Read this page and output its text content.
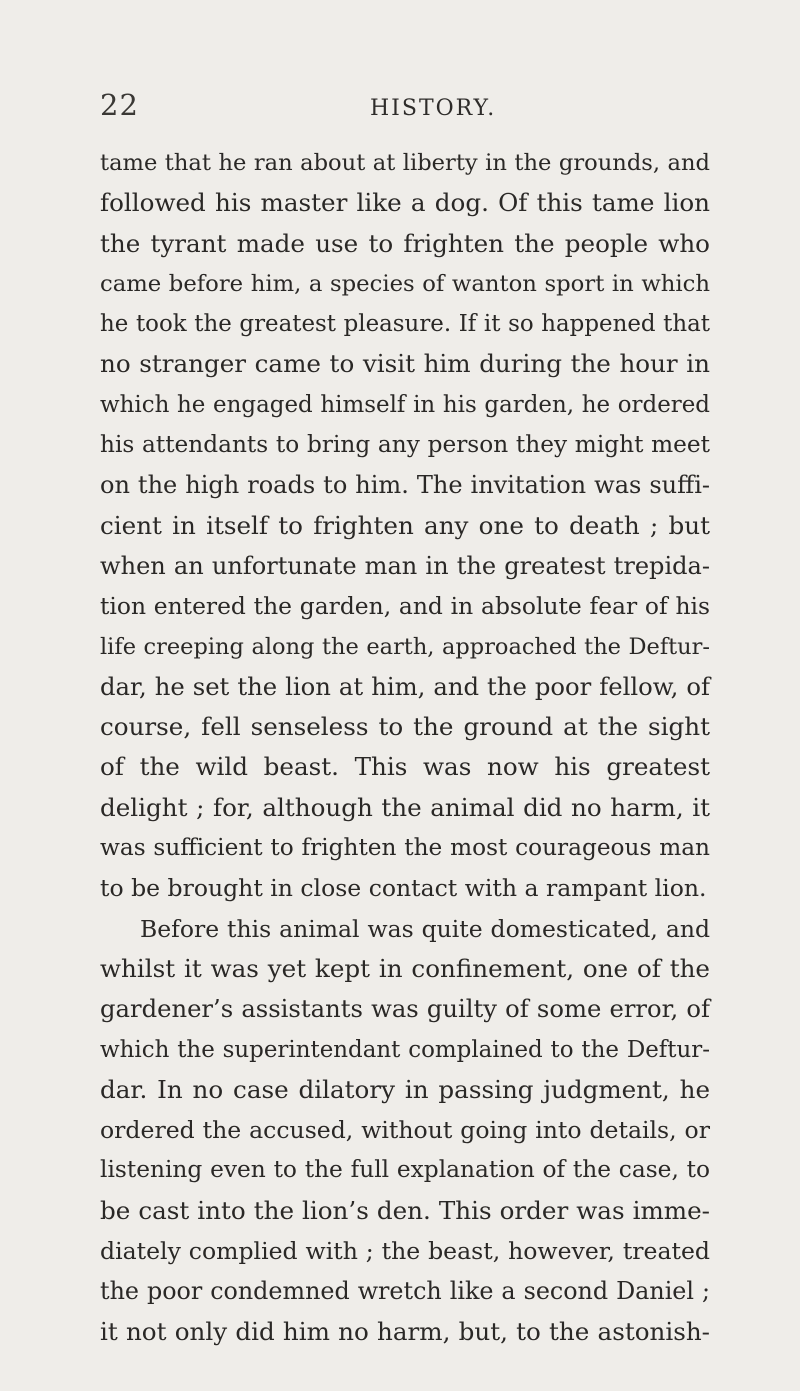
22	HISTORY.
tame that he ran about at liberty in the grounds, and
followed his master like a dog. Of this tame lion
the tyrant made use to frighten the people who
came before him, a species of wanton sport in which
he took the greatest pleasure. If it so happened that
no stranger came to visit him during the hour in
which he engaged himself in his garden, he ordered
his attendants to bring any person they might meet
on the high roads to him. The invitation was suffi-
cient in itself to frighten any one to death ; but
when an unfortunate man in the greatest trepida-
tion entered the garden, and in absolute fear of his
life creeping along the earth, approached the Deftur-
dar, he set the lion at him, and the poor fellow, of
course, fell senseless to the ground at the sight
of the wild beast. This was now his greatest
delight ; for, although the animal did no harm, it
was sufficient to frighten the most courageous man
to be brought in close contact with a rampant lion.
Before this animal was quite domesticated, and
whilst it was yet kept in confinement, one of the
gardener’s assistants was guilty of some error, of
which the superintendant complained to the Deftur-
dar. In no case dilatory in passing judgment, he
ordered the accused, without going into details, or
listening even to the full explanation of the case, to
be cast into the lion’s den. This order was imme-
diately complied with ; the beast, however, treated
the poor condemned wretch like a second Daniel ;
it not only did him no harm, but, to the astonish-
